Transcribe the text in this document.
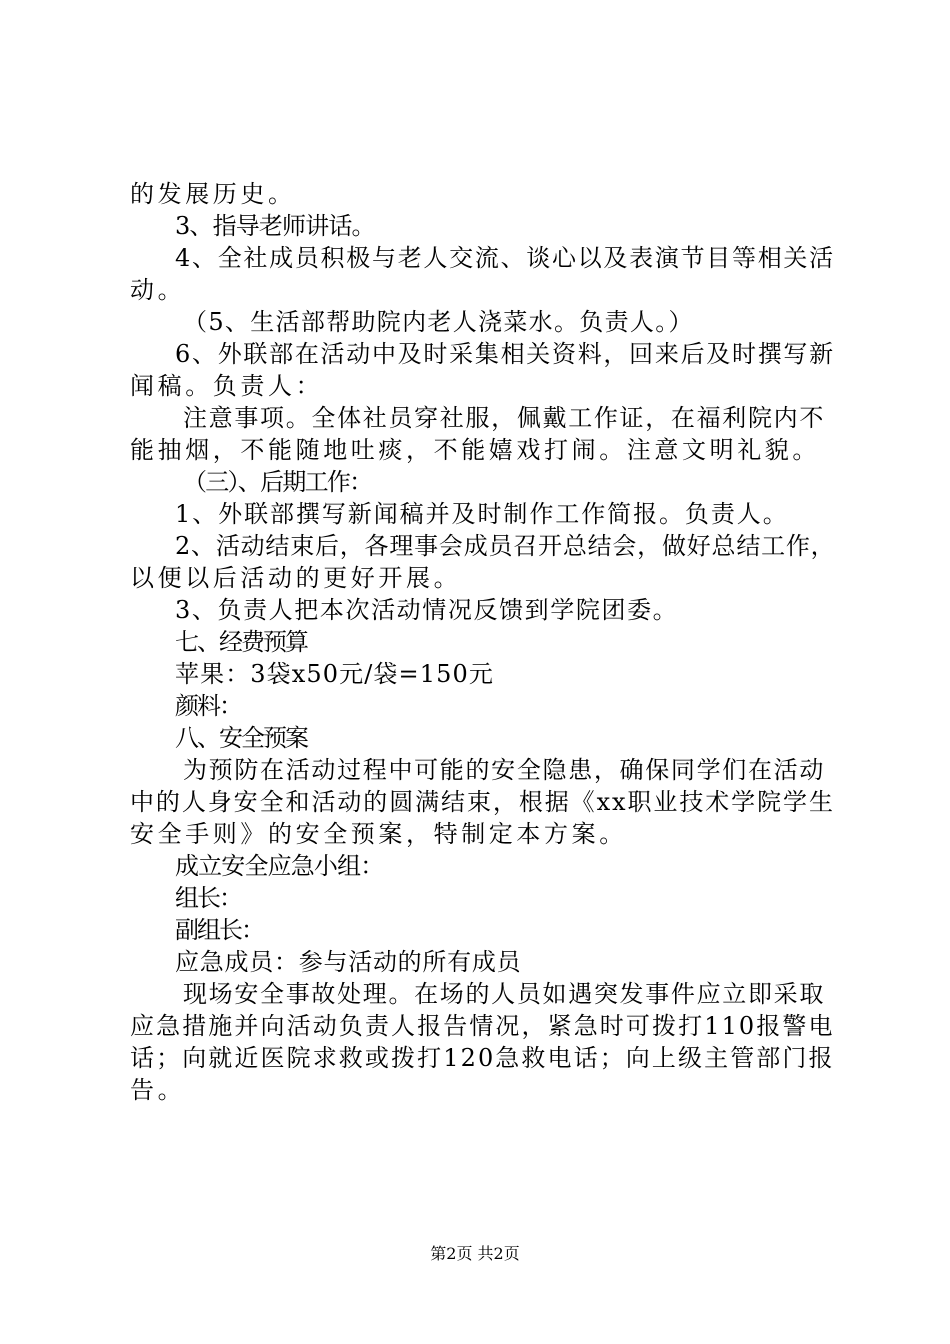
的发展历史。
3、指导老师讲话。
4、全社成员积极与老人交流、谈心以及表演节目等相关活
动。
（5、生活部帮助院内老人浇菜水。负责人。）
6、外联部在活动中及时采集相关资料，回来后及时撰写新
闻稿。负责人：
注意事项。全体社员穿社服，佩戴工作证，在福利院内不
能抽烟，不能随地吐痰，不能嬉戏打闹。注意文明礼貌。
（三）、后期工作：
1、外联部撰写新闻稿并及时制作工作简报。负责人。
2、活动结束后，各理事会成员召开总结会，做好总结工作，
以便以后活动的更好开展。
3、负责人把本次活动情况反馈到学院团委。
七、经费预算
苹果：3袋x50元/袋=150元
颜料：
八、安全预案
为预防在活动过程中可能的安全隐患，确保同学们在活动
中的人身安全和活动的圆满结束，根据《xx职业技术学院学生
安全手则》的安全预案，特制定本方案。
成立安全应急小组：
组长：
副组长：
应急成员：参与活动的所有成员
现场安全事故处理。在场的人员如遇突发事件应立即采取
应急措施并向活动负责人报告情况，紧急时可拨打110报警电
话；向就近医院求救或拨打120急救电话；向上级主管部门报
告。
第2页 共2页
